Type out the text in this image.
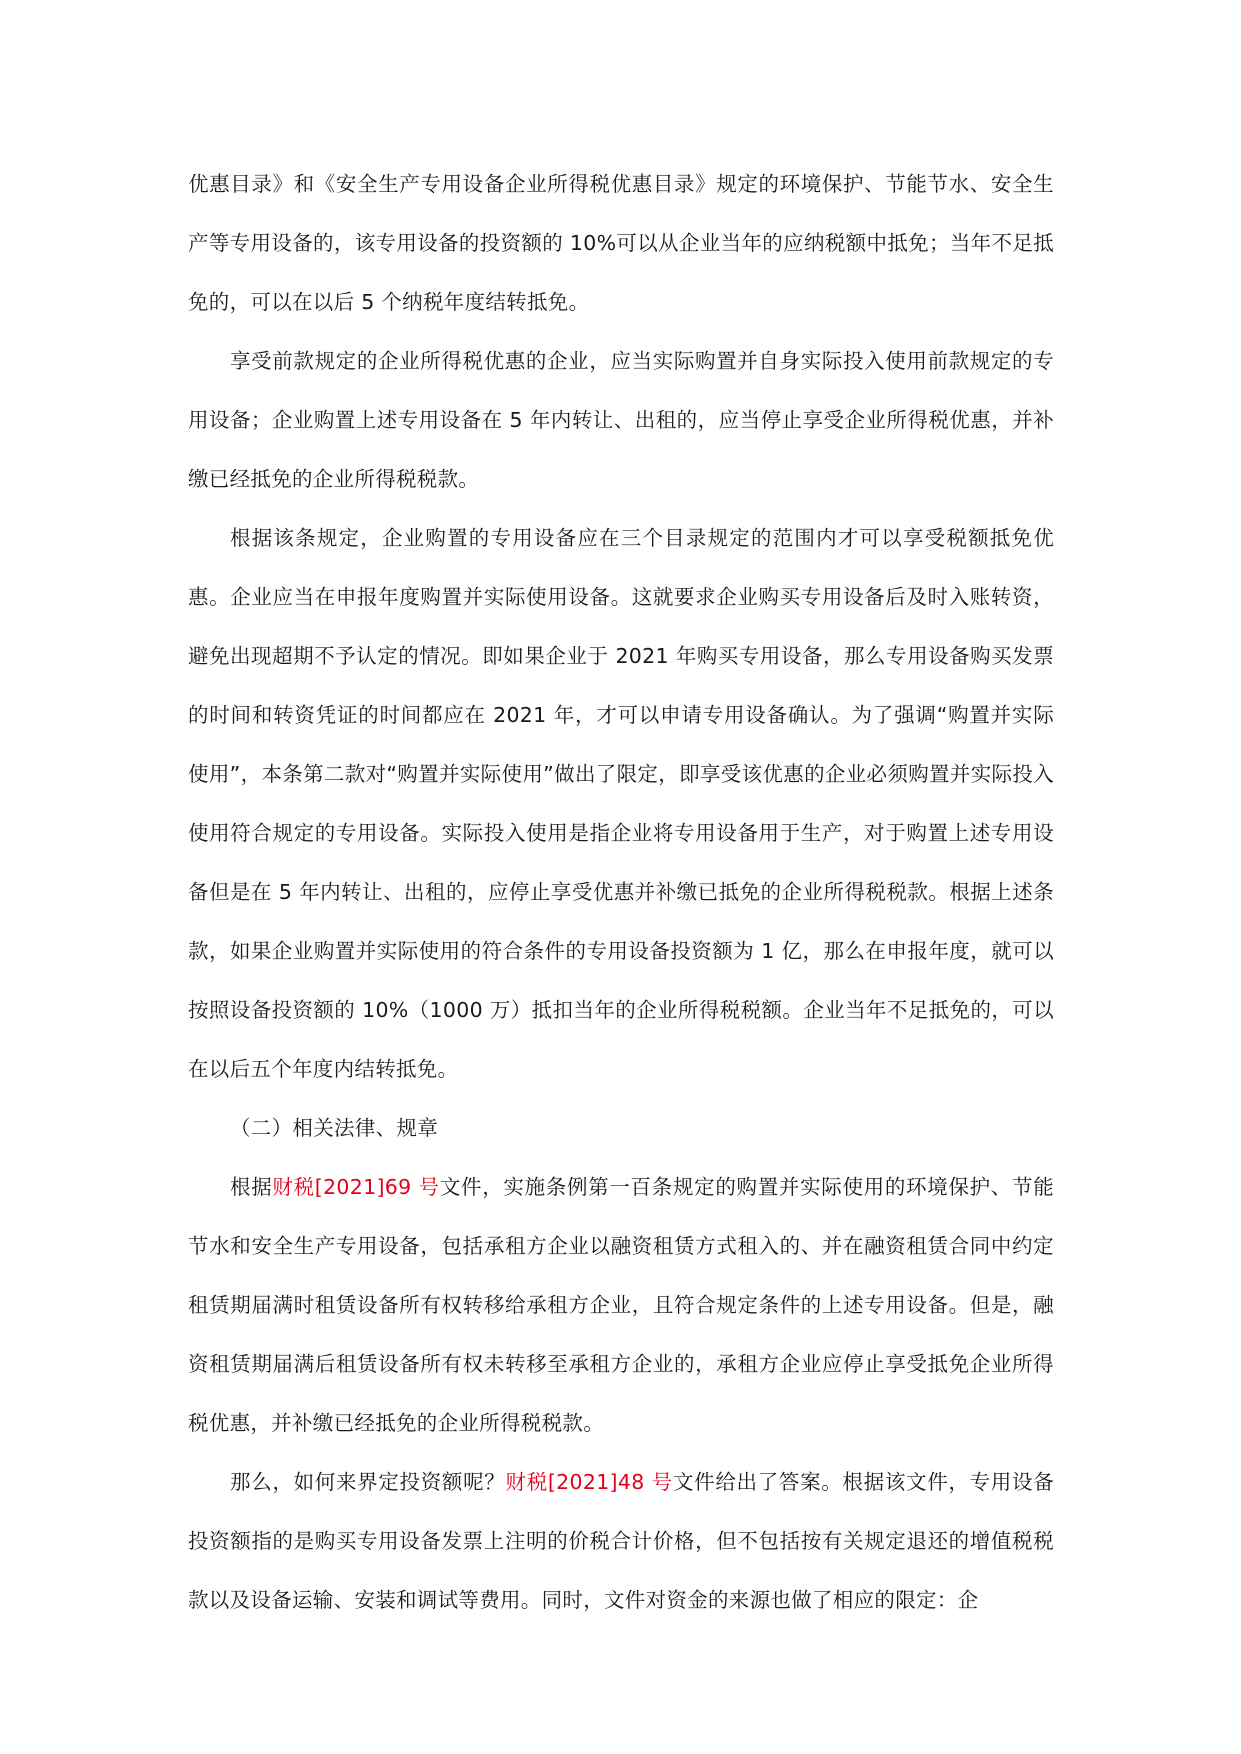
优惠目录》和《安全生产专用设备企业所得税优惠目录》规定的环境保护、节能节水、安全生产等专用设备的，该专用设备的投资额的 10%可以从企业当年的应纳税额中抵免；当年不足抵免的，可以在以后 5 个纳税年度结转抵免。

享受前款规定的企业所得税优惠的企业，应当实际购置并自身实际投入使用前款规定的专用设备；企业购置上述专用设备在 5 年内转让、出租的，应当停止享受企业所得税优惠，并补缴已经抵免的企业所得税税款。

根据该条规定，企业购置的专用设备应在三个目录规定的范围内才可以享受税额抵免优惠。企业应当在申报年度购置并实际使用设备。这就要求企业购买专用设备后及时入账转资，避免出现超期不予认定的情况。即如果企业于 2021 年购买专用设备，那么专用设备购买发票的时间和转资凭证的时间都应在 2021 年，才可以申请专用设备确认。为了强调“购置并实际使用”，本条第二款对“购置并实际使用”做出了限定，即享受该优惠的企业必须购置并实际投入使用符合规定的专用设备。实际投入使用是指企业将专用设备用于生产，对于购置上述专用设备但是在 5 年内转让、出租的，应停止享受优惠并补缴已抵免的企业所得税税款。根据上述条款，如果企业购置并实际使用的符合条件的专用设备投资额为 1 亿，那么在申报年度，就可以按照设备投资额的 10%（1000 万）抵扣当年的企业所得税税额。企业当年不足抵免的，可以在以后五个年度内结转抵免。

（二）相关法律、规章

根据财税[2021]69 号文件，实施条例第一百条规定的购置并实际使用的环境保护、节能节水和安全生产专用设备，包括承租方企业以融资租赁方式租入的、并在融资租赁合同中约定租赁期届满时租赁设备所有权转移给承租方企业，且符合规定条件的上述专用设备。但是，融资租赁期届满后租赁设备所有权未转移至承租方企业的，承租方企业应停止享受抵免企业所得税优惠，并补缴已经抵免的企业所得税税款。

那么，如何来界定投资额呢？财税[2021]48 号文件给出了答案。根据该文件，专用设备投资额指的是购买专用设备发票上注明的价税合计价格，但不包括按有关规定退还的增值税税款以及设备运输、安装和调试等费用。同时，文件对资金的来源也做了相应的限定：企
